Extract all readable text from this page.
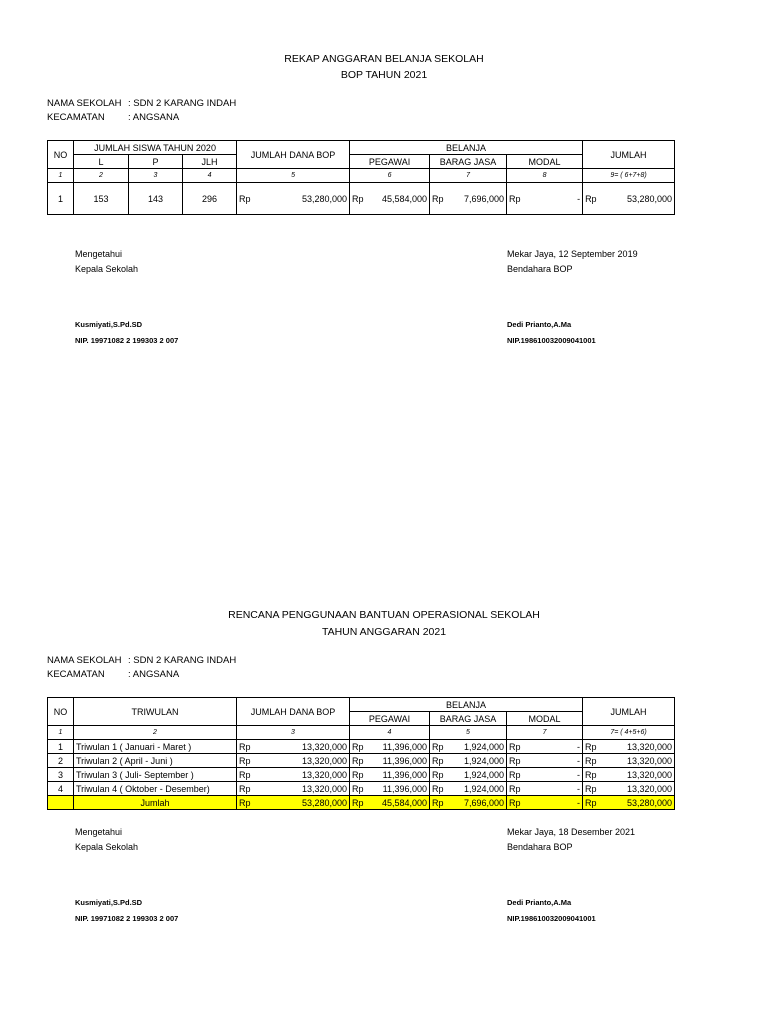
REKAP ANGGARAN BELANJA SEKOLAH
BOP TAHUN 2021
NAMA SEKOLAH : SDN 2 KARANG INDAH
KECAMATAN : ANGSANA
NO	JUMLAH SISWA TAHUN 2020			JUMLAH DANA BOP	BELANJA			JUMLAH
	L	P	JLH		PEGAWAI	BARAG JASA	MODAL	
1	2	3	4	5	6	7	8	9= ( 6+7+8)
1	153	143	296	Rp 53,280,000	Rp 45,584,000	Rp 7,696,000	Rp -	Rp 53,280,000
Mengetahui
Kepala Sekolah
Mekar Jaya, 12 September 2019
Bendahara BOP
Kusmiyati,S.Pd.SD
NIP. 19971082 2 199303 2 007
Dedi Prianto,A.Ma
NIP.198610032009041001
RENCANA PENGGUNAAN BANTUAN OPERASIONAL SEKOLAH
TAHUN ANGGARAN 2021
NAMA SEKOLAH : SDN 2 KARANG INDAH
KECAMATAN : ANGSANA
NO	TRIWULAN	JUMLAH DANA BOP	BELANJA			JUMLAH
			PEGAWAI	BARAG JASA	MODAL	
1	2	3	4	5	7	7= ( 4+5+6)
1	Triwulan 1 ( Januari - Maret )	Rp 13,320,000	Rp 11,396,000	Rp 1,924,000	Rp -	Rp 13,320,000

2	Triwulan 2 ( April - Juni )	Rp 13,320,000	Rp 11,396,000	Rp 1,924,000	Rp -	Rp 13,320,000

3	Triwulan 3 ( Juli- September )	Rp 13,320,000	Rp 11,396,000	Rp 1,924,000	Rp -	Rp 13,320,000

4	Triwulan 4 ( Oktober - Desember)	Rp 13,320,000	Rp 11,396,000	Rp 1,924,000	Rp -	Rp 13,320,000

	Jumlah	Rp 53,280,000	Rp 45,584,000	Rp 7,696,000	Rp -	Rp 53,280,000
Mengetahui
Kepala Sekolah
Mekar Jaya, 18 Desember 2021
Bendahara BOP
Kusmiyati,S.Pd.SD
NIP. 19971082 2 199303 2 007
Dedi Prianto,A.Ma
NIP.198610032009041001
